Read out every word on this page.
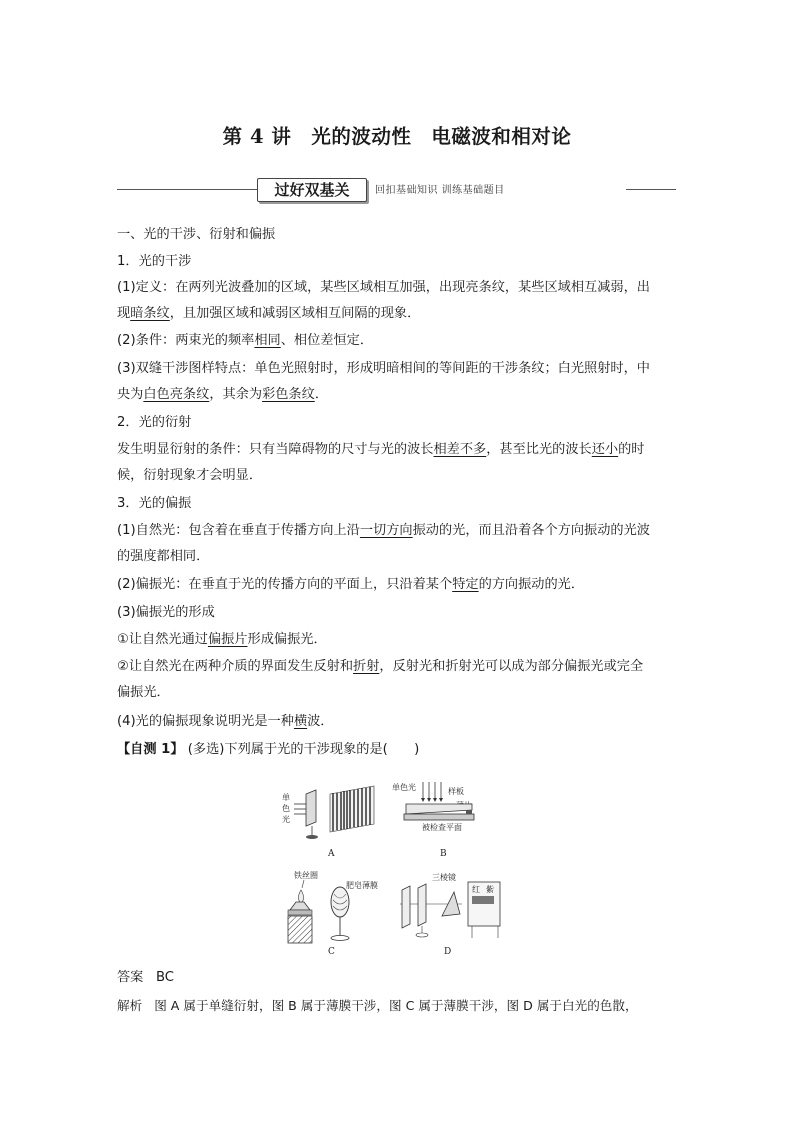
第 4 讲　光的波动性　电磁波和相对论
过好双基关	回扣基础知识 训练基础题目
一、光的干涉、衍射和偏振
1．光的干涉
(1)定义：在两列光波叠加的区域，某些区域相互加强，出现亮条纹，某些区域相互减弱，出
现暗条纹，且加强区域和减弱区域相互间隔的现象．
(2)条件：两束光的频率相同、相位差恒定．
(3)双缝干涉图样特点：单色光照射时，形成明暗相间的等间距的干涉条纹；白光照射时，中
央为白色亮条纹，其余为彩色条纹．
2．光的衍射
发生明显衍射的条件：只有当障碍物的尺寸与光的波长相差不多，甚至比光的波长还小的时
候，衍射现象才会明显．
3．光的偏振
(1)自然光：包含着在垂直于传播方向上沿一切方向振动的光，而且沿着各个方向振动的光波
的强度都相同．
(2)偏振光：在垂直于光的传播方向的平面上，只沿着某个特定的方向振动的光．
(3)偏振光的形成
①让自然光通过偏振片形成偏振光．
②让自然光在两种介质的界面发生反射和折射，反射光和折射光可以成为部分偏振光或完全
偏振光．
(4)光的偏振现象说明光是一种横波．
【自测 1】 (多选)下列属于光的干涉现象的是(　　)
单
色
光
A
单色光	样板
被检查平面
B
铁丝圈
肥皂薄膜
C
三棱镜
红 紫
D
答案 BC
解析 图 A 属于单缝衍射，图 B 属于薄膜干涉，图 C 属于薄膜干涉，图 D 属于白光的色散，
